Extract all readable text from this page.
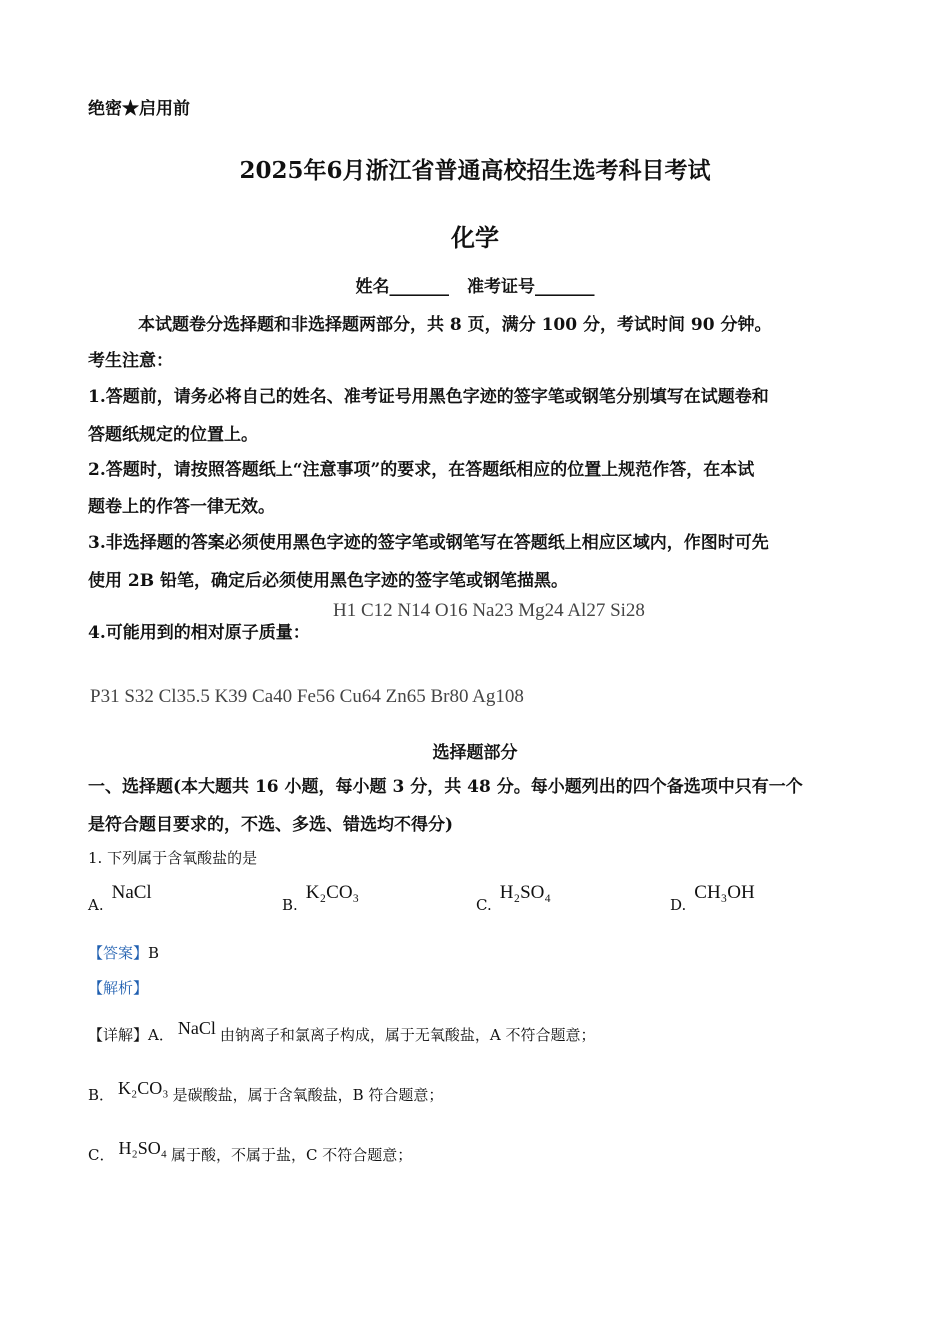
绝密★启用前
2025年6月浙江省普通高校招生选考科目考试
化学
姓名_______ 准考证号_______
本试题卷分选择题和非选择题两部分，共 8 页，满分 100 分，考试时间 90 分钟。
考生注意：
1.答题前，请务必将自己的姓名、准考证号用黑色字迹的签字笔或钢笔分别填写在试题卷和
答题纸规定的位置上。
2.答题时，请按照答题纸上“注意事项”的要求，在答题纸相应的位置上规范作答，在本试
题卷上的作答一律无效。
3.非选择题的答案必须使用黑色字迹的签字笔或钢笔写在答题纸上相应区域内，作图时可先
使用 2B 铅笔，确定后必须使用黑色字迹的签字笔或钢笔描黑。
4.可能用到的相对原子质量：
H1 C12 N14 O16 Na23 Mg24 Al27 Si28
P31 S32 Cl35.5 K39 Ca40 Fe56 Cu64 Zn65 Br80 Ag108
选择题部分
一、选择题(本大题共 16 小题，每小题 3 分，共 48 分。每小题列出的四个备选项中只有一个
是符合题目要求的，不选、多选、错选均不得分)
1. 下列属于含氧酸盐的是
A.NaCl
B.K₂CO₃
C.H₂SO₄
D.CH₃OH
【答案】B
【解析】
【详解】A． NaCl 由钠离子和氯离子构成，属于无氧酸盐，A 不符合题意；
B． K₂CO₃ 是碳酸盐，属于含氧酸盐，B 符合题意；
C． H₂SO₄ 属于酸，不属于盐，C 不符合题意；
